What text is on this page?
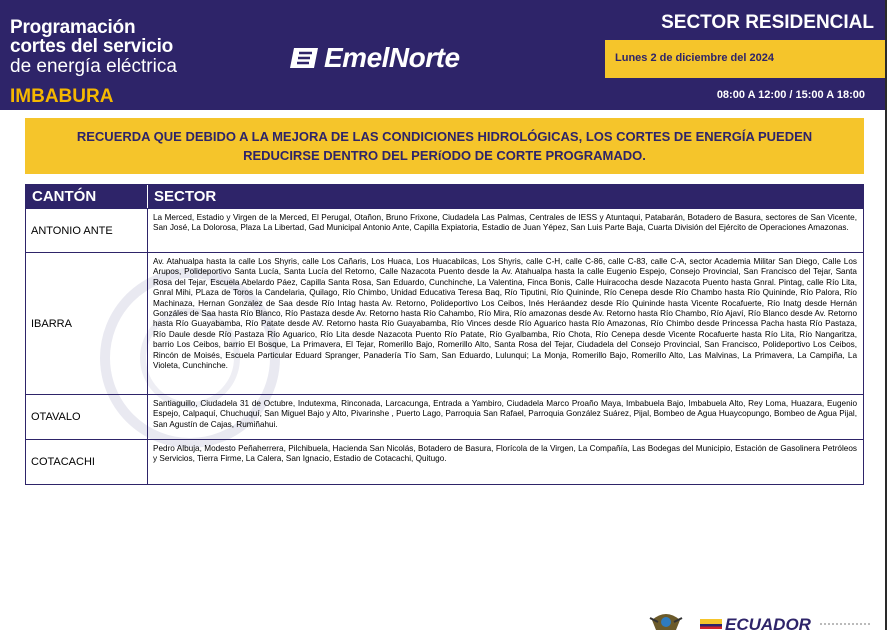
Programación
cortes del servicio
de energía eléctrica
IMBABURA
EmelNorte
SECTOR RESIDENCIAL
Lunes 2 de diciembre del 2024
08:00 A 12:00 / 15:00 A 18:00
RECUERDA QUE DEBIDO A LA MEJORA DE LAS CONDICIONES HIDROLÓGICAS, LOS CORTES DE ENERGÍA PUEDEN REDUCIRSE DENTRO DEL PERíODO DE CORTE PROGRAMADO.
CANTÓN	SECTOR
ANTONIO ANTE
La Merced, Estadio y Virgen de la Merced, El Perugal, Otañon, Bruno Frixone, Ciudadela Las Palmas, Centrales de IESS y Atuntaqui, Patabarán, Botadero de Basura, sectores de San Vicente, San José, La Dolorosa, Plaza La Libertad, Gad Municipal Antonio Ante, Capilla Expiatoria, Estadio de Juan Yépez, San Luis Parte Baja, Cuarta División del Ejército de Operaciones Amazonas.
IBARRA
Av. Atahualpa hasta la calle Los Shyris, calle Los Cañaris, Los Huaca, Los Huacabilcas, Los Shyris, calle C-H, calle C-86, calle C-83, calle C-A, sector Academia Militar San Diego, Calle Los Arupos, Polideportivo Santa Lucía, Santa Lucía del Retorno, Calle Nazacota Puento desde la Av. Atahualpa hasta la calle Eugenio Espejo, Consejo Provincial, San Francisco del Tejar, Santa Rosa del Tejar, Escuela Abelardo Páez, Capilla Santa Rosa, San Eduardo, Cunchinche, La Valentina, Finca Bonis, Calle Huiracocha desde Nazacota Puento hasta Gnral. Pintag, calle Río Lita, Gnral Mihi, PLaza de Toros la Candelaria, Quilago, Río Chimbo, Unidad Educativa Teresa Baq, Río Tiputini, Río Quininde, Río Cenepa desde Río Chambo hasta Río Quininde, Río Palora, Río Machinaza, Hernan Gonzalez de Saa desde Río Intag hasta Av. Retorno, Polideportivo Los Ceibos, Inés Heráandez desde Río Quininde hasta Vicente Rocafuerte, Río Inatg desde Hernán Gonzáles de Saa hasta Río Blanco, Río Pastaza desde Av. Retorno hasta Río Cahambo, Río Mira, Río amazonas desde Av. Retorno hasta Río Chambo, Río Ajaví, Río Blanco desde Av. Retorno hasta Río Guayabamba, Río Patate desde AV. Retorno hasta Río Guayabamba, Río Vinces desde Río Aguarico hasta Río Amazonas, Río Chimbo desde Princessa Pacha hasta Río Pastaza, Río Daule desde Río Pastaza Río Aguarico, Río Lita desde Nazacota Puento Río Patate, Río Gyalbamba, Río Chota, Río Cenepa desde Vicente Rocafuerte hasta Río Lita, Río Nangaritza, barrio Los Ceibos, barrio El Bosque, La Primavera, El Tejar, Romerillo Bajo, Romerillo Alto, Santa Rosa del Tejar, Ciudadela del Consejo Provincial, San Francisco, Polideportivo Los Ceibos, Rincón de Moisés, Escuela Particular Eduard Spranger, Panadería Tío Sam, San Eduardo, Lulunqui; La Monja, Romerillo Bajo, Romerillo Alto, Las Malvinas, La Primavera, La Campiña, La Violeta, Cunchinche.
OTAVALO
Santiaguillo, Ciudadela 31 de Octubre, Indutexma, Rinconada, Larcacunga, Entrada a Yambiro, Ciudadela Marco Proaño Maya, Imbabuela Bajo, Imbabuela Alto, Rey Loma, Huazara, Eugenio Espejo, Calpaquí, Chuchuquí, San Miguel Bajo y Alto, Pivarinshe , Puerto Lago, Parroquia San Rafael, Parroquia González Suárez, Pijal, Bombeo de Agua Huaycopungo, Bombeo de Agua Pijal, San Agustín de Cajas, Rumiñahui.
COTACACHI
Pedro Albuja, Modesto Peñaherrera, Pilchibuela, Hacienda San Nicolás, Botadero de Basura, Florícola de la Virgen, La Compañía, Las Bodegas del Municipio, Estación de Gasolinera Petróleos y Servicios, Tierra Firme, La Calera, San Ignacio, Estadio de Cotacachi, Quitugo.
ECUADOR
